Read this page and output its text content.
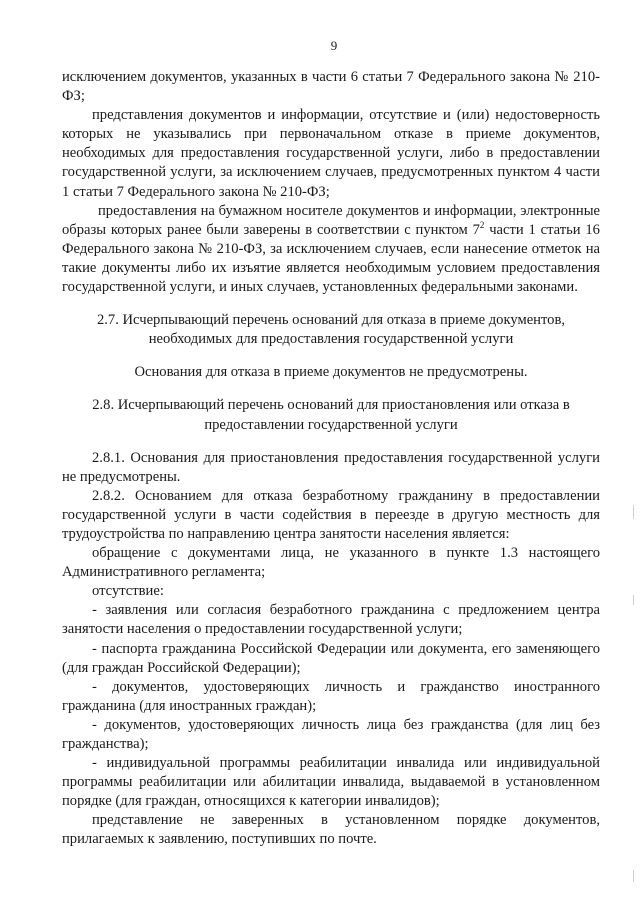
9

исключением документов, указанных в части 6 статьи 7 Федерального закона № 210-ФЗ;

представления документов и информации, отсутствие и (или) недостоверность которых не указывались при первоначальном отказе в приеме документов, необходимых для предоставления государственной услуги, либо в предоставлении государственной услуги, за исключением случаев, предусмотренных пунктом 4 части 1 статьи 7 Федерального закона № 210-ФЗ;

предоставления на бумажном носителе документов и информации, электронные образы которых ранее были заверены в соответствии с пунктом $7^2$ части 1 статьи 16 Федерального закона № 210-ФЗ, за исключением случаев, если нанесение отметок на такие документы либо их изъятие является необходимым условием предоставления государственной услуги, и иных случаев, установленных федеральными законами.

2.7. Исчерпывающий перечень оснований для отказа в приеме документов, необходимых для предоставления государственной услуги

Основания для отказа в приеме документов не предусмотрены.

2.8. Исчерпывающий перечень оснований для приостановления или отказа в предоставлении государственной услуги

2.8.1. Основания для приостановления предоставления государственной услуги не предусмотрены.

2.8.2. Основанием для отказа безработному гражданину в предоставлении государственной услуги в части содействия в переезде в другую местность для трудоустройства по направлению центра занятости населения является:

обращение с документами лица, не указанного в пункте 1.3 настоящего Административного регламента;

отсутствие:

- заявления или согласия безработного гражданина с предложением центра занятости населения о предоставлении государственной услуги;

- паспорта гражданина Российской Федерации или документа, его заменяющего (для граждан Российской Федерации);

- документов, удостоверяющих личность и гражданство иностранного гражданина (для иностранных граждан);

- документов, удостоверяющих личность лица без гражданства (для лиц без гражданства);

- индивидуальной программы реабилитации инвалида или индивидуальной программы реабилитации или абилитации инвалида, выдаваемой в установленном порядке (для граждан, относящихся к категории инвалидов);

представление не заверенных в установленном порядке документов, прилагаемых к заявлению, поступивших по почте.
